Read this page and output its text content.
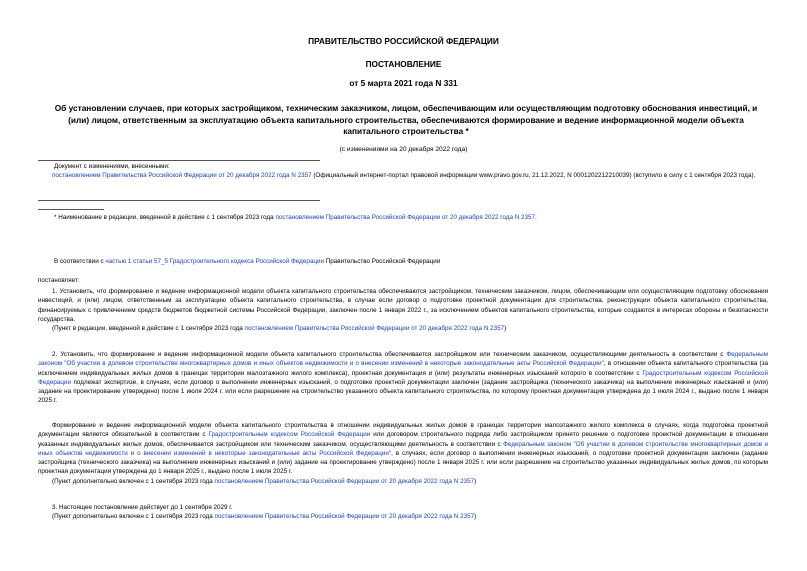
ПРАВИТЕЛЬСТВО РОССИЙСКОЙ ФЕДЕРАЦИИ
ПОСТАНОВЛЕНИЕ
от 5 марта 2021 года N 331
Об установлении случаев, при которых застройщиком, техническим заказчиком, лицом, обеспечивающим или осуществляющим подготовку обоснования инвестиций, и (или) лицом, ответственным за эксплуатацию объекта капитального строительства, обеспечиваются формирование и ведение информационной модели объекта капитального строительства *
(с изменениями на 20 декабря 2022 года)

Документ с изменениями, внесенными:

постановлением Правительства Российской Федерации от 20 декабря 2022 года N 2357 (Официальный интернет-портал правовой информации www.pravo.gov.ru, 21.12.2022, N 0001202212210039) (вступило в силу с 1 сентября 2023 года).

* Наименование в редакции, введенной в действие с 1 сентября 2023 года постановлением Правительства Российской Федерации от 20 декабря 2022 года N 2357.
В соответствии с частью 1 статьи 57_5 Градостроительного кодекса Российской Федерации Правительство Российской Федерации
постановляет:

1. Установить, что формирование и ведение информационной модели объекта капитального строительства обеспечиваются застройщиком, техническим заказчиком, лицом, обеспечивающим или осуществляющим подготовку обоснования инвестиций, и (или) лицом, ответственным за эксплуатацию объекта капитального строительства, в случае если договор о подготовке проектной документации для строительства, реконструкции объекта капитального строительства, финансируемых с привлечением средств бюджетов бюджетной системы Российской Федерации, заключен после 1 января 2022 г., за исключением объектов капитального строительства, которые создаются в интересах обороны и безопасности государства.

(Пункт в редакции, введенной в действие с 1 сентября 2023 года постановлением Правительства Российской Федерации от 20 декабря 2022 года N 2357)

2. Установить, что формирование и ведение информационной модели объекта капитального строительства обеспечивается застройщиком или техническим заказчиком, осуществляющими деятельность в соответствии с Федеральным законом "Об участии в долевом строительстве многоквартирных домов и иных объектов недвижимости и о внесении изменений в некоторые законодательные акты Российской Федерации", в отношении объекта капитального строительства (за исключением индивидуальных жилых домов в границах территории малоэтажного жилого комплекса), проектная документация и (или) результаты инженерных изысканий которого в соответствии с Градостроительным кодексом Российской Федерации подлежат экспертизе, в случаях, если договор о выполнении инженерных изысканий, о подготовке проектной документации заключен (задание застройщика (технического заказчика) на выполнение инженерных изысканий и (или) задание на проектирование утверждено) после 1 июля 2024 г. или если разрешение на строительство указанного объекта капитального строительства, по которому проектная документация утверждена до 1 июля 2024 г., выдано после 1 января 2025 г.

Формирование и ведение информационной модели объекта капитального строительства в отношении индивидуальных жилых домов в границах территории малоэтажного жилого комплекса в случаях, когда подготовка проектной документации является обязательной в соответствии с Градостроительным кодексом Российской Федерации или договором строительного подряда либо застройщиком принято решение о подготовке проектной документации в отношении указанных индивидуальных жилых домов, обеспечивается застройщиком или техническим заказчиком, осуществляющими деятельность в соответствии с Федеральным законом "Об участии в долевом строительстве многоквартирных домов и иных объектов недвижимости и о внесении изменений в некоторые законодательные акты Российской Федерации", в случаях, если договор о выполнении инженерных изысканий, о подготовке проектной документации заключен (задание застройщика (технического заказчика) на выполнение инженерных изысканий и (или) задание на проектирование утверждено) после 1 января 2025 г. или если разрешение на строительство указанных индивидуальных жилых домов, по которым проектная документация утверждена до 1 января 2025 г., выдано после 1 июля 2025 г.

(Пункт дополнительно включен с 1 сентября 2023 года постановлением Правительства Российской Федерации от 20 декабря 2022 года N 2357)

3. Настоящее постановление действует до 1 сентября 2029 г.

(Пункт дополнительно включен с 1 сентября 2023 года постановлением Правительства Российской Федерации от 20 декабря 2022 года N 2357)
